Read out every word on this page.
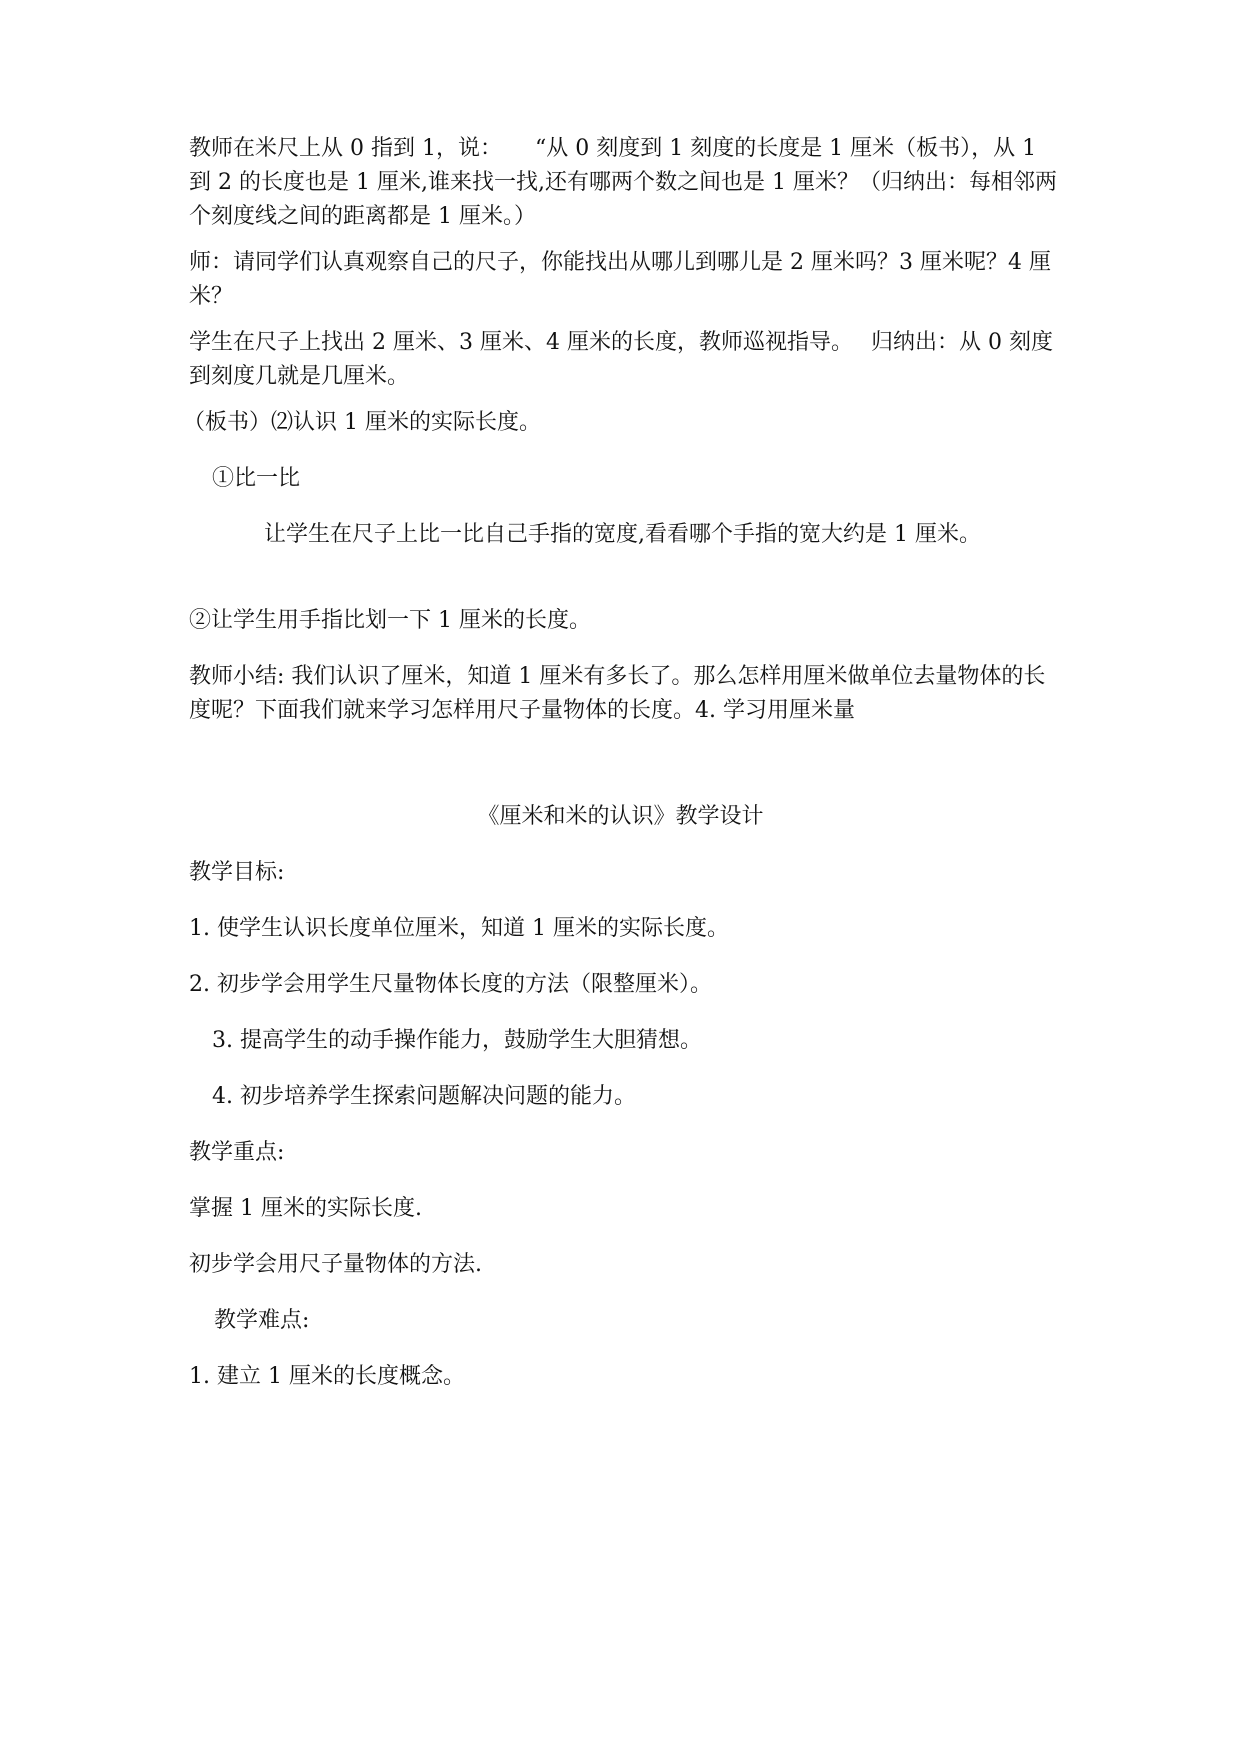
教师在米尺上从 0 指到 1，说：　　“从 0 刻度到 1 刻度的长度是 1 厘米（板书），从 1 到 2 的长度也是 1 厘米,谁来找一找,还有哪两个数之间也是 1 厘米？（归纳出：每相邻两个刻度线之间的距离都是 1 厘米。）

师：请同学们认真观察自己的尺子，你能找出从哪儿到哪儿是 2 厘米吗？3 厘米呢？4 厘米？

学生在尺子上找出 2 厘米、3 厘米、4 厘米的长度，教师巡视指导。　 归纳出：从 0 刻度到刻度几就是几厘米。

（板书）⑵认识 1 厘米的实际长度。

①比一比

让学生在尺子上比一比自己手指的宽度,看看哪个手指的宽大约是 1 厘米。

②让学生用手指比划一下 1 厘米的长度。

教师小结: 我们认识了厘米，知道 1 厘米有多长了。那么怎样用厘米做单位去量物体的长度呢？下面我们就来学习怎样用尺子量物体的长度。4. 学习用厘米量

《厘米和米的认识》教学设计

教学目标:

1. 使学生认识长度单位厘米，知道 1 厘米的实际长度。

2. 初步学会用学生尺量物体长度的方法（限整厘米）。

3. 提高学生的动手操作能力，鼓励学生大胆猜想。

4. 初步培养学生探索问题解决问题的能力。

教学重点:

掌握 1 厘米的实际长度.

初步学会用尺子量物体的方法.

教学难点:

1. 建立 1 厘米的长度概念。
